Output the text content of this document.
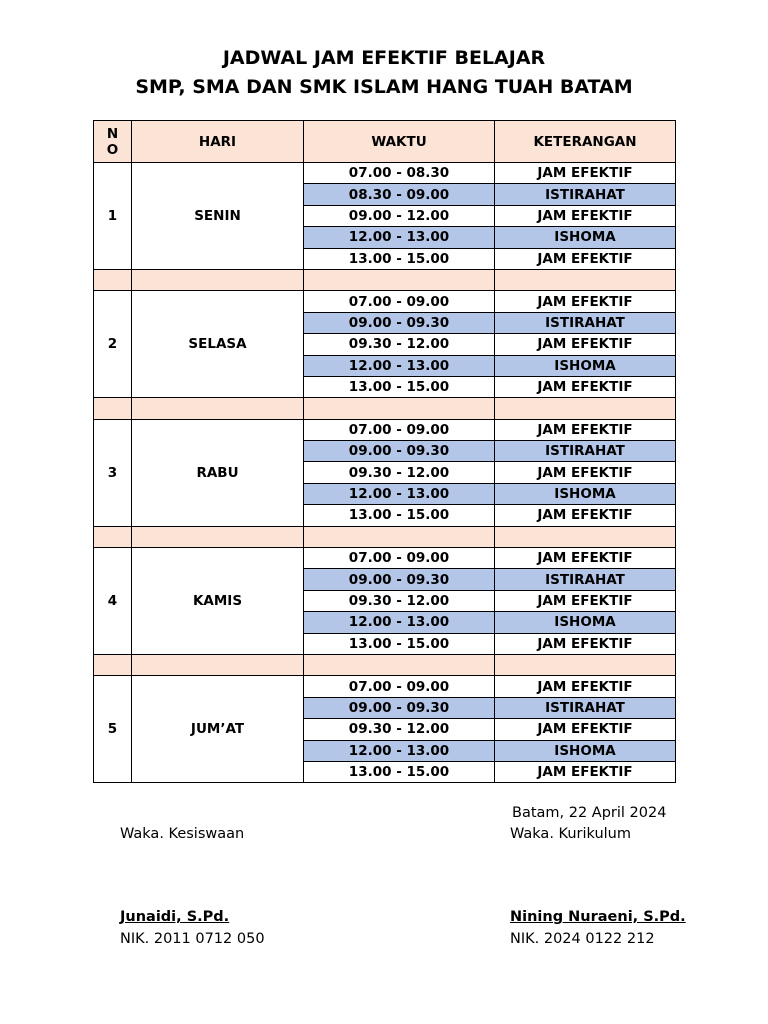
JADWAL JAM EFEKTIF BELAJAR
SMP, SMA DAN SMK ISLAM HANG TUAH BATAM
N
O	HARI	WAKTU	KETERANGAN
1	SENIN	07.00 - 08.30	JAM EFEKTIF
		08.30 - 09.00	ISTIRAHAT
		09.00 - 12.00	JAM EFEKTIF
		12.00 - 13.00	ISHOMA
		13.00 - 15.00	JAM EFEKTIF

2	SELASA	07.00 - 09.00	JAM EFEKTIF
		09.00 - 09.30	ISTIRAHAT
		09.30 - 12.00	JAM EFEKTIF
		12.00 - 13.00	ISHOMA
		13.00 - 15.00	JAM EFEKTIF

3	RABU	07.00 - 09.00	JAM EFEKTIF
		09.00 - 09.30	ISTIRAHAT
		09.30 - 12.00	JAM EFEKTIF
		12.00 - 13.00	ISHOMA
		13.00 - 15.00	JAM EFEKTIF

4	KAMIS	07.00 - 09.00	JAM EFEKTIF
		09.00 - 09.30	ISTIRAHAT
		09.30 - 12.00	JAM EFEKTIF
		12.00 - 13.00	ISHOMA
		13.00 - 15.00	JAM EFEKTIF

5	JUM’AT	07.00 - 09.00	JAM EFEKTIF
		09.00 - 09.30	ISTIRAHAT
		09.30 - 12.00	JAM EFEKTIF
		12.00 - 13.00	ISHOMA
		13.00 - 15.00	JAM EFEKTIF
Batam, 22 April 2024
Waka. Kesiswaan	Waka. Kurikulum
Junaidi, S.Pd.	Nining Nuraeni, S.Pd.
NIK. 2011 0712 050	NIK. 2024 0122 212
